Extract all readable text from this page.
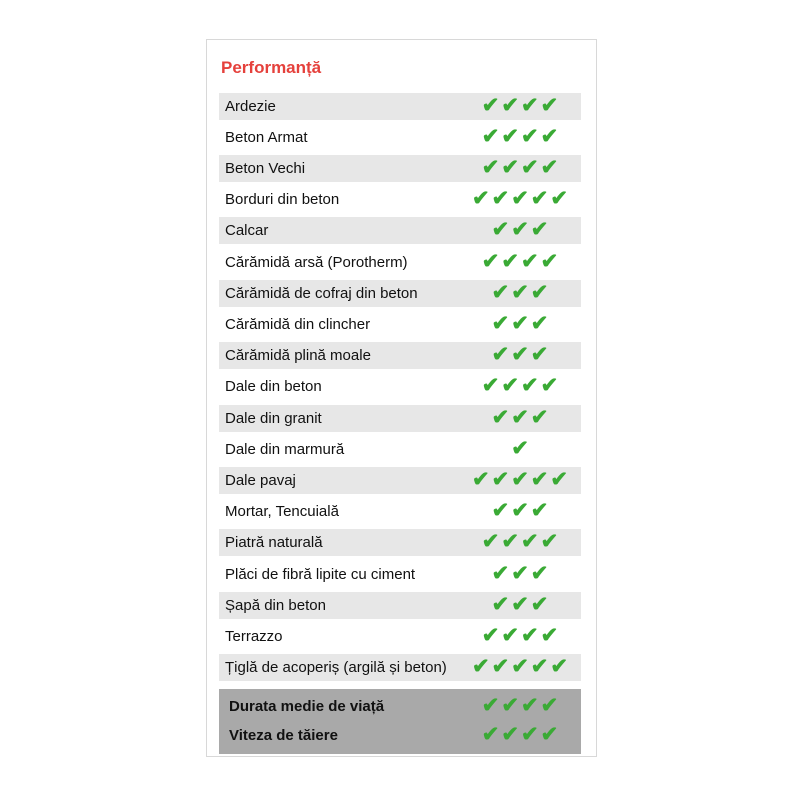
Performanță
Ardezie	✔ ✔ ✔ ✔
Beton Armat	✔ ✔ ✔ ✔
Beton Vechi	✔ ✔ ✔ ✔
Borduri din beton	✔ ✔ ✔ ✔ ✔
Calcar	✔ ✔ ✔
Cărămidă arsă (Porotherm)	✔ ✔ ✔ ✔
Cărămidă de cofraj din beton	✔ ✔ ✔
Cărămidă din clincher	✔ ✔ ✔
Cărămidă plină moale	✔ ✔ ✔
Dale din beton	✔ ✔ ✔ ✔
Dale din granit	✔ ✔ ✔
Dale din marmură	✔
Dale pavaj	✔ ✔ ✔ ✔ ✔
Mortar, Tencuială	✔ ✔ ✔
Piatră naturală	✔ ✔ ✔ ✔
Plăci de fibră lipite cu ciment	✔ ✔ ✔
Șapă din beton	✔ ✔ ✔
Terrazzo	✔ ✔ ✔ ✔
Țiglă de acoperiș (argilă și beton)	✔ ✔ ✔ ✔ ✔
Durata medie de viață	✔ ✔ ✔ ✔
Viteza de tăiere	✔ ✔ ✔ ✔
